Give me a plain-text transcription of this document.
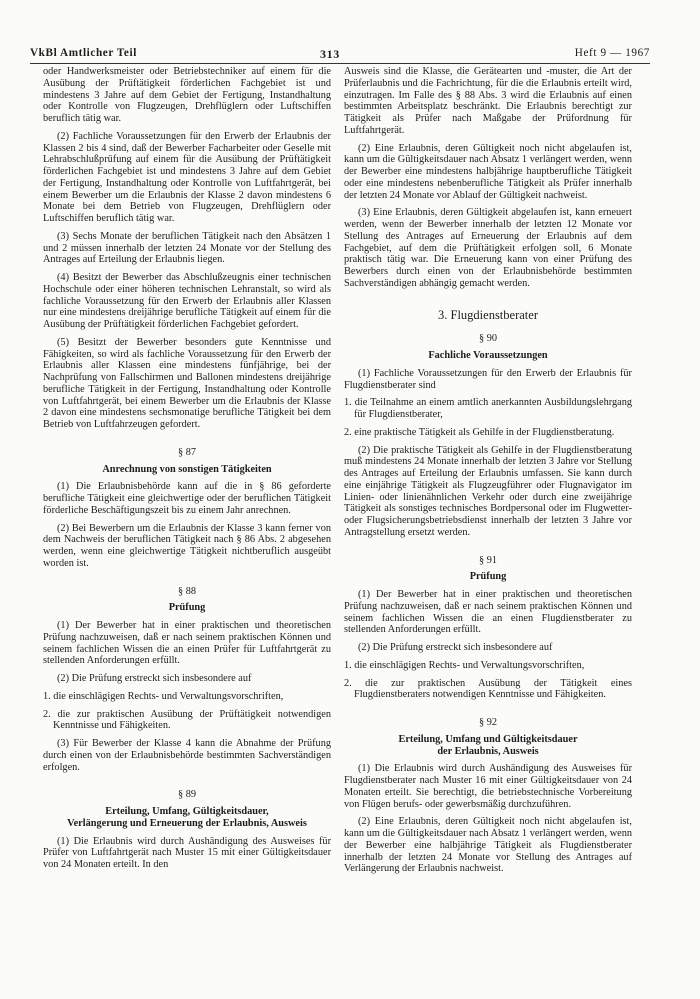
VkBl Amtlicher Teil	313	Heft 9 — 1967

oder Handwerksmeister oder Betriebstechniker auf einem für die Ausübung der Prüftätigkeit förderlichen Fachgebiet ist und mindestens 3 Jahre auf dem Gebiet der Fertigung, Instandhaltung oder Kontrolle von Flugzeugen, Drehflüglern oder Luftschiffen beruflich tätig war.

(2) Fachliche Voraussetzungen für den Erwerb der Erlaubnis der Klassen 2 bis 4 sind, daß der Bewerber Facharbeiter oder Geselle mit Lehrabschlußprüfung auf einem für die Ausübung der Prüftätigkeit förderlichen Fachgebiet ist und mindestens 3 Jahre auf dem Gebiet der Fertigung, Instandhaltung oder Kontrolle von Luftfahrtgerät, bei einem Bewerber um die Erlaubnis der Klasse 2 davon mindestens 6 Monate bei dem Betrieb von Flugzeugen, Drehflüglern oder Luftschiffen beruflich tätig war.

(3) Sechs Monate der beruflichen Tätigkeit nach den Absätzen 1 und 2 müssen innerhalb der letzten 24 Monate vor der Stellung des Antrages auf Erteilung der Erlaubnis liegen.

(4) Besitzt der Bewerber das Abschlußzeugnis einer technischen Hochschule oder einer höheren technischen Lehranstalt, so wird als fachliche Voraussetzung für den Erwerb der Erlaubnis aller Klassen nur eine mindestens dreijährige berufliche Tätigkeit auf einem für die Ausübung der Prüftätigkeit förderlichen Fachgebiet gefordert.

(5) Besitzt der Bewerber besonders gute Kenntnisse und Fähigkeiten, so wird als fachliche Voraussetzung für den Erwerb der Erlaubnis aller Klassen eine mindestens fünfjährige, bei der Nachprüfung von Fallschirmen und Ballonen mindestens dreijährige berufliche Tätigkeit in der Fertigung, Instandhaltung oder Kontrolle von Luftfahrtgerät, bei einem Bewerber um die Erlaubnis der Klasse 2 davon eine mindestens sechsmonatige berufliche Tätigkeit bei dem Betrieb von Luftfahrzeugen gefordert.

§ 87
Anrechnung von sonstigen Tätigkeiten

(1) Die Erlaubnisbehörde kann auf die in § 86 geforderte berufliche Tätigkeit eine gleichwertige oder der beruflichen Tätigkeit förderliche Beschäftigungszeit bis zu einem Jahr anrechnen.

(2) Bei Bewerbern um die Erlaubnis der Klasse 3 kann ferner von dem Nachweis der beruflichen Tätigkeit nach § 86 Abs. 2 abgesehen werden, wenn eine gleichwertige Tätigkeit nichtberuflich ausgeübt worden ist.

§ 88
Prüfung

(1) Der Bewerber hat in einer praktischen und theoretischen Prüfung nachzuweisen, daß er nach seinem praktischen Können und seinem fachlichen Wissen die an einen Prüfer für Luftfahrtgerät zu stellenden Anforderungen erfüllt.

(2) Die Prüfung erstreckt sich insbesondere auf

1. die einschlägigen Rechts- und Verwaltungsvorschriften,

2. die zur praktischen Ausübung der Prüftätigkeit notwendigen Kenntnisse und Fähigkeiten.

(3) Für Bewerber der Klasse 4 kann die Abnahme der Prüfung durch einen von der Erlaubnisbehörde bestimmten Sachverständigen erfolgen.

§ 89
Erteilung, Umfang, Gültigkeitsdauer,
Verlängerung und Erneuerung der Erlaubnis, Ausweis

(1) Die Erlaubnis wird durch Aushändigung des Ausweises für Prüfer von Luftfahrtgerät nach Muster 15 mit einer Gültigkeitsdauer von 24 Monaten erteilt. In den

Ausweis sind die Klasse, die Gerätearten und -muster, die Art der Prüferlaubnis und die Fachrichtung, für die die Erlaubnis erteilt wird, einzutragen. Im Falle des § 88 Abs. 3 wird die Erlaubnis auf einen bestimmten Arbeitsplatz beschränkt. Die Erlaubnis berechtigt zur Tätigkeit als Prüfer nach Maßgabe der Prüfordnung für Luftfahrtgerät.

(2) Eine Erlaubnis, deren Gültigkeit noch nicht abgelaufen ist, kann um die Gültigkeitsdauer nach Absatz 1 verlängert werden, wenn der Bewerber eine mindestens halbjährige hauptberufliche Tätigkeit oder eine mindestens nebenberufliche Tätigkeit als Prüfer innerhalb der letzten 24 Monate vor Ablauf der Gültigkeit nachweist.

(3) Eine Erlaubnis, deren Gültigkeit abgelaufen ist, kann erneuert werden, wenn der Bewerber innerhalb der letzten 12 Monate vor Stellung des Antrages auf Erneuerung der Erlaubnis auf dem Fachgebiet, auf dem die Prüftätigkeit erfolgen soll, 6 Monate praktisch tätig war. Die Erneuerung kann von einer Prüfung des Bewerbers durch einen von der Erlaubnisbehörde bestimmten Sachverständigen abhängig gemacht werden.

3. Flugdienstberater
§ 90
Fachliche Voraussetzungen

(1) Fachliche Voraussetzungen für den Erwerb der Erlaubnis für Flugdienstberater sind

1. die Teilnahme an einem amtlich anerkannten Ausbildungslehrgang für Flugdienstberater,

2. eine praktische Tätigkeit als Gehilfe in der Flugdienstberatung.

(2) Die praktische Tätigkeit als Gehilfe in der Flugdienstberatung muß mindestens 24 Monate innerhalb der letzten 3 Jahre vor Stellung des Antrages auf Erteilung der Erlaubnis umfassen. Sie kann durch eine einjährige Tätigkeit als Flugzeugführer oder Flugnavigator im Linien- oder linienähnlichen Verkehr oder durch eine zweijährige Tätigkeit als sonstiges technisches Bordpersonal oder im Flugwetter- oder Flugsicherungsbetriebsdienst innerhalb der letzten 3 Jahre vor Antragstellung ersetzt werden.

§ 91
Prüfung

(1) Der Bewerber hat in einer praktischen und theoretischen Prüfung nachzuweisen, daß er nach seinem praktischen Können und seinem fachlichen Wissen die an einen Flugdienstberater zu stellenden Anforderungen erfüllt.

(2) Die Prüfung erstreckt sich insbesondere auf

1. die einschlägigen Rechts- und Verwaltungsvorschriften,

2. die zur praktischen Ausübung der Tätigkeit eines Flugdienstberaters notwendigen Kenntnisse und Fähigkeiten.

§ 92
Erteilung, Umfang und Gültigkeitsdauer
der Erlaubnis, Ausweis

(1) Die Erlaubnis wird durch Aushändigung des Ausweises für Flugdienstberater nach Muster 16 mit einer Gültigkeitsdauer von 24 Monaten erteilt. Sie berechtigt, die betriebstechnische Vorbereitung von Flügen berufs- oder gewerbsmäßig durchzuführen.

(2) Eine Erlaubnis, deren Gültigkeit noch nicht abgelaufen ist, kann um die Gültigkeitsdauer nach Absatz 1 verlängert werden, wenn der Bewerber eine halbjährige Tätigkeit als Flugdienstberater innerhalb der letzten 24 Monate vor Stellung des Antrages auf Verlängerung der Erlaubnis nachweist.
